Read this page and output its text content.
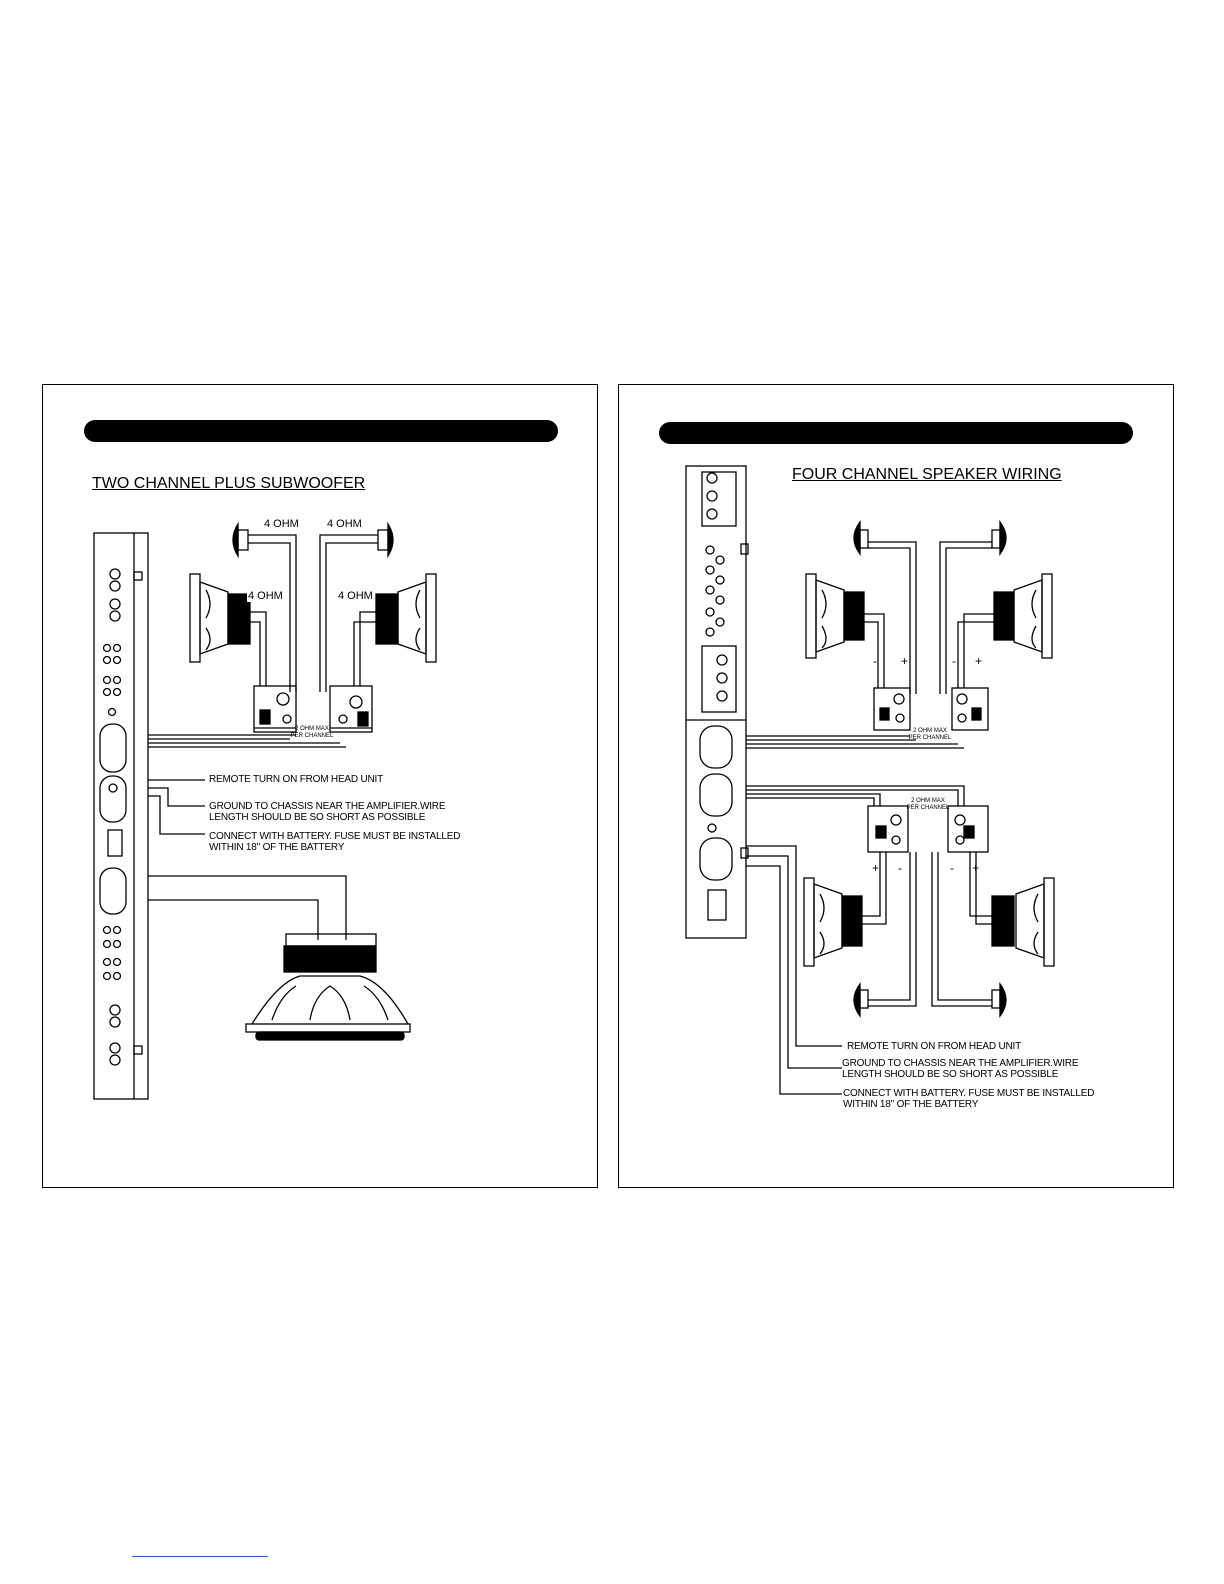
TWO CHANNEL PLUS SUBWOOFER
4 OHM	4 OHM
4 OHM	4 OHM
2 OHM MAX
PER CHANNEL
REMOTE TURN ON FROM HEAD UNIT
GROUND TO CHASSIS NEAR THE AMPLIFIER.WIRE
LENGTH SHOULD BE SO SHORT AS POSSIBLE
CONNECT WITH BATTERY. FUSE MUST BE INSTALLED
WITHIN 18" OF THE BATTERY
FOUR CHANNEL SPEAKER WIRING
- +	- +
+ -	- +
2 OHM MAX
PER CHANNEL
2 OHM MAX
PER CHANNEL
REMOTE TURN ON FROM HEAD UNIT
GROUND TO CHASSIS NEAR THE AMPLIFIER.WIRE
LENGTH SHOULD BE SO SHORT AS POSSIBLE
CONNECT WITH BATTERY. FUSE MUST BE INSTALLED
WITHIN 18" OF THE BATTERY
